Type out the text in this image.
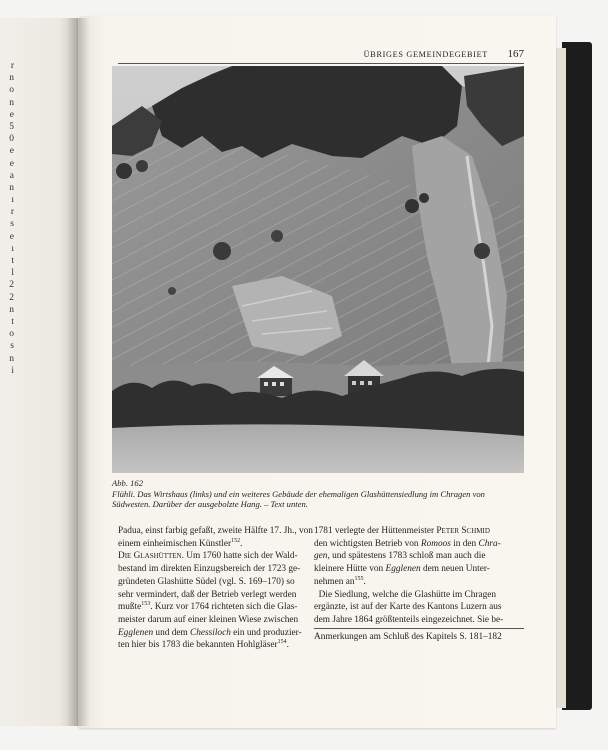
r
n
o
n
e
5
0
e
e
a
n
ı
r
s
e
ı
t
l
2
2
n
t
o
s
n
i
ÜBRIGES GEMEINDEGEBIET 167
Abb. 162
Flühli. Das Wirtshaus (links) und ein weiteres Gebäude der ehemaligen Glashüttensiedlung im Chragen von
Südwesten. Darüber der ausgebolzte Hang. – Text unten.
Padua, einst farbig gefaßt, zweite Hälfte 17. Jh., von
einem einheimischen Künstler$^{152}$.
Die Glashütten. Um 1760 hatte sich der Wald-
bestand im direkten Einzugsbereich der 1723 ge-
gründeten Glashütte Südel (vgl. S. 169–170) so
sehr vermindert, daß der Betrieb verlegt werden
mußte$^{153}$. Kurz vor 1764 richteten sich die Glas-
meister darum auf einer kleinen Wiese zwischen
Egglenen und dem Chessiloch ein und produzier-
ten hier bis 1783 die bekannten Hohlgläser$^{154}$.
1781 verlegte der Hüttenmeister Peter Schmid
den wichtigsten Betrieb von Romoos in den Chra-
gen, und spätestens 1783 schloß man auch die
kleinere Hütte von Egglenen dem neuen Unter-
nehmen $an^{155}$.
Die Siedlung, welche die Glashütte im Chragen
ergänzte, ist auf der Karte des Kantons Luzern aus
dem Jahre 1864 größtenteils eingezeichnet. Sie be-
Anmerkungen am Schluß des Kapitels S. 181–182
